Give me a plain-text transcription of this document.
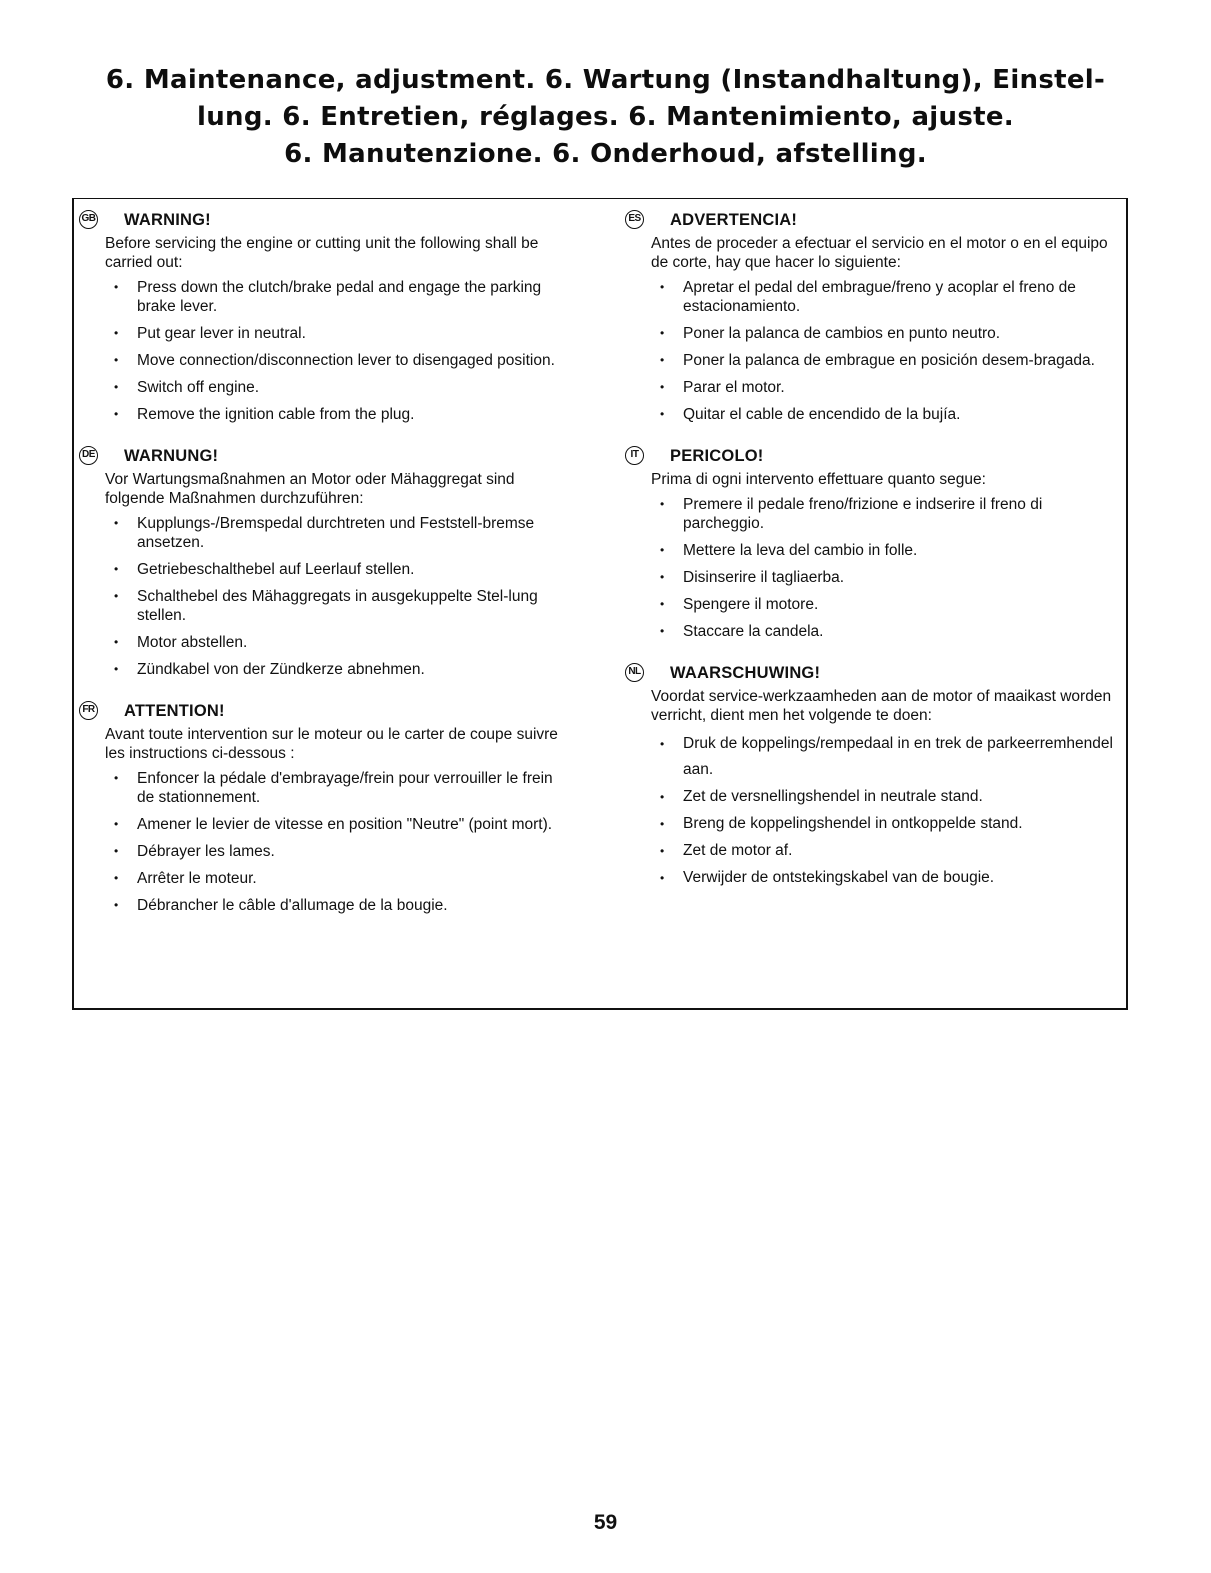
6. Maintenance, adjustment. 6. Wartung (Instandhaltung), Einstel-
lung. 6. Entretien, réglages. 6. Mantenimiento, ajuste.
6. Manutenzione. 6. Onderhoud, afstelling.
GB WARNING!

Before servicing the engine or cutting unit the following shall be carried out:

• Press down the clutch/brake pedal and engage the parking brake lever.
• Put gear lever in neutral.
• Move connection/disconnection lever to disengaged position.
• Switch off engine.
• Remove the ignition cable from the plug.
DE WARNUNG!

Vor Wartungsmaßnahmen an Motor oder Mähaggregat sind folgende Maßnahmen durchzuführen:

• Kupplungs-/Bremspedal durchtreten und Feststell-bremse ansetzen.
• Getriebeschalthebel auf Leerlauf stellen.
• Schalthebel des Mähaggregats in ausgekuppelte Stel-lung stellen.
• Motor abstellen.
• Zündkabel von der Zündkerze abnehmen.
FR ATTENTION!

Avant toute intervention sur le moteur ou le carter de coupe suivre les instructions ci-dessous :

• Enfoncer la pédale d'embrayage/frein pour verrouiller le frein de stationnement.
• Amener le levier de vitesse en position "Neutre" (point mort).
• Débrayer les lames.
• Arrêter le moteur.
• Débrancher le câble d'allumage de la bougie.
ES ADVERTENCIA!

Antes de proceder a efectuar el servicio en el motor o en el equipo de corte, hay que hacer lo siguiente:

• Apretar el pedal del embrague/freno y acoplar el freno de estacionamiento.
• Poner la palanca de cambios en punto neutro.
• Poner la palanca de embrague en posición desem-bragada.
• Parar el motor.
• Quitar el cable de encendido de la bujía.
IT	PERICOLO!

Prima di ogni intervento effettuare quanto segue:

• Premere il pedale freno/frizione e indserire il freno di parcheggio.
• Mettere la leva del cambio in folle.
• Disinserire il tagliaerba.
• Spengere il motore.
• Staccare la candela.
NL WAARSCHUWING!

Voordat service-werkzaamheden aan de motor of maaikast worden verricht, dient men het volgende te doen:

• Druk de koppelings/rempedaal in en trek de parkeerremhendel aan.
• Zet de versnellingshendel in neutrale stand.
• Breng de koppelingshendel in ontkoppelde stand.
• Zet de motor af.
• Verwijder de ontstekingskabel van de bougie.
59
